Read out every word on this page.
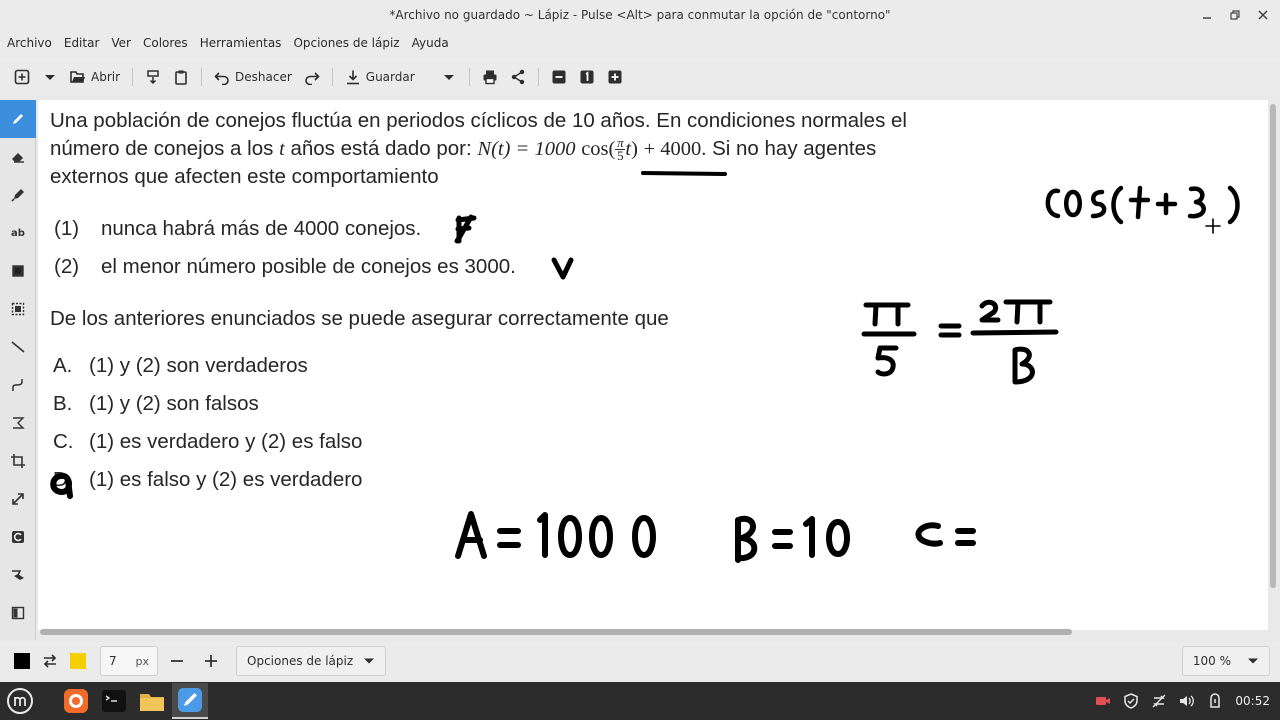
*Archivo no guardado ~ Lápiz - Pulse <Alt> para conmutar la opción de "contorno"
Archivo Editar Ver Colores Herramientas Opciones de lápiz Ayuda
Abrir	Deshacer	Guardar
ab
Una población de conejos fluctúa en periodos cíclicos de 10 años. En condiciones normales el
número de conejos a los t años está dado por: N(t) = 1000 $\cos( \frac{\pi}{5} t) + 4000$. Si no hay agentes
externos que afecten este comportamiento
(1) nunca habrá más de 4000 conejos.
(2) el menor número posible de conejos es 3000.
De los anteriores enunciados se puede asegurar correctamente que
A. (1) y (2) son verdaderos
B. (1) y (2) son falsos
C. (1) es verdadero y (2) es falso
D. (1) es falso y (2) es verdadero
7 px	Opciones de lápiz	100 %
00:52
